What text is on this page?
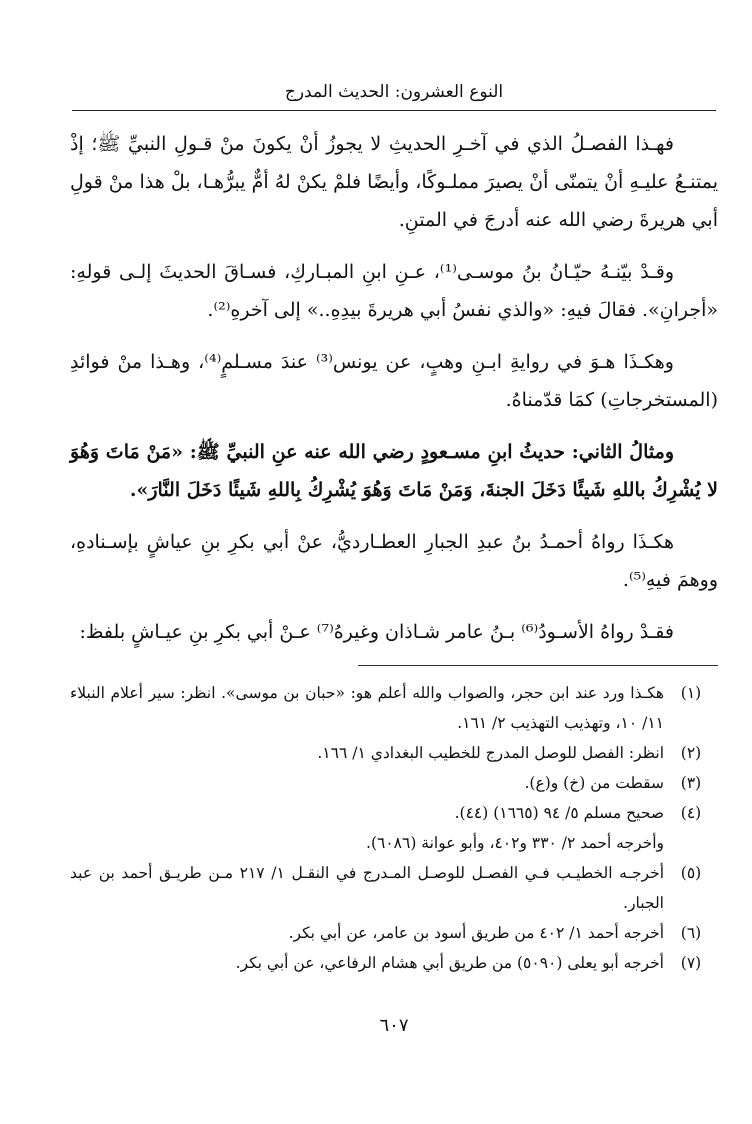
النوع العشرون: الحديث المدرج

فهـذا الفصـلُ الذي في آخـرِ الحديثِ لا يجوزُ أنْ يكونَ منْ قـولِ النبيِّ ﷺ؛ إذْ يمتنـعُ عليـهِ أنْ يتمنّى أنْ يصيرَ مملـوكًا، وأيضًا فلمْ يكنْ لهُ أمٌّ يبرُّهـا، بلْ هذا منْ قولِ أبي هريرةَ رضي الله عنه أدرجَ في المتنِ.

وقـدْ بيّنـهُ حيّـانُ بنُ موسـى⁽¹⁾، عـنِ ابنِ المبـاركِ، فسـاقَ الحديثَ إلـى قولهِ: «أجرانِ». فقالَ فيهِ: «والذي نفسُ أبي هريرةَ بيدِهِ..» إلى آخرهِ⁽²⁾.

وهكـذَا هـوَ في روايةِ ابـنِ وهبٍ، عن يونس⁽³⁾ عندَ مسـلمٍ⁽⁴⁾، وهـذا منْ فوائدِ (المستخرجاتِ) كمَا قدّمناهُ.

ومثالُ الثاني: حديثُ ابنِ مسـعودٍ رضي الله عنه عنِ النبيِّ ﷺ: «مَنْ مَاتَ وَهُوَ لا يُشْرِكُ باللهِ شَيئًا دَخَلَ الجنةَ، وَمَنْ مَاتَ وَهُوَ يُشْرِكُ بِاللهِ شَيئًا دَخَلَ النَّارَ».

هكـذَا رواهُ أحمـدُ بنُ عبدِ الجبارِ العطـارديُّ، عنْ أبي بكرِ بنِ عياشٍ بإسـنادهِ، ووهمَ فيهِ⁽⁵⁾.

فقـدْ رواهُ الأسـودُ⁽⁶⁾ بـنُ عامر شـاذان وغيرهُ⁽⁷⁾ عـنْ أبي بكرِ بنِ عيـاشٍ بلفظ:

(١)
هكـذا ورد عند ابن حجر، والصواب والله أعلم هو: «حبان بن موسى». انظر: سير أعلام النبلاء ١١/ ١٠، وتهذيب التهذيب ٢/ ١٦١.
(٢)
انظر: الفصل للوصل المدرج للخطيب البغدادي ١/ ١٦٦.
(٣)
سقطت من (خ) و(ع).
(٤)
صحيح مسلم ٥/ ٩٤ (١٦٦٥) (٤٤).
وأخرجه أحمد ٢/ ٣٣٠ و٤٠٢، وأبو عوانة (٦٠٨٦).
(٥)
أخرجـه الخطيـب فـي الفصـل للوصـل المـدرج في النقـل ١/ ٢١٧ مـن طريـق أحمد بن عبد الجبار.
(٦)
أخرجه أحمد ١/ ٤٠٢ من طريق أسود بن عامر، عن أبي بكر.
(٧)
أخرجه أبو يعلى (٥٠٩٠) من طريق أبي هشام الرفاعي، عن أبي بكر.
٦٠٧
